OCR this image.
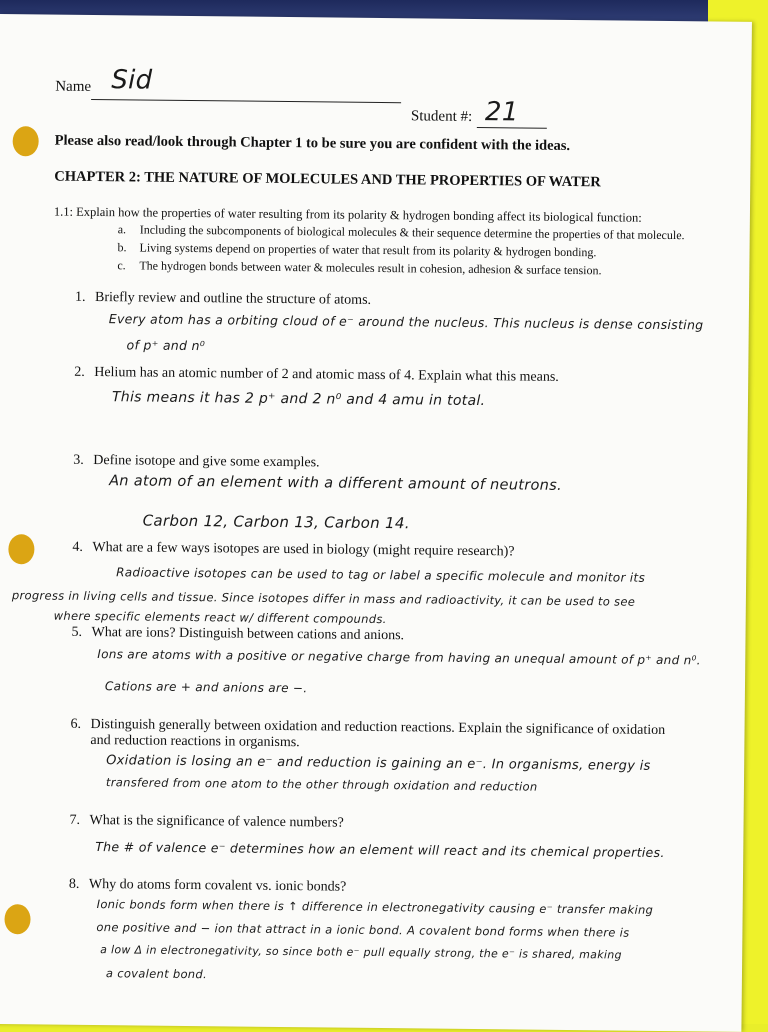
Name Sid
Student #: 21
Please also read/look through Chapter 1 to be sure you are confident with the ideas.
CHAPTER 2: THE NATURE OF MOLECULES AND THE PROPERTIES OF WATER
1.1: Explain how the properties of water resulting from its polarity & hydrogen bonding affect its biological function:
a. Including the subcomponents of biological molecules & their sequence determine the properties of that molecule.
b. Living systems depend on properties of water that result from its polarity & hydrogen bonding.
c. The hydrogen bonds between water & molecules result in cohesion, adhesion & surface tension.
1. Briefly review and outline the structure of atoms.
Every atom has a orbiting cloud of e⁻ around the nucleus. This nucleus is dense consisting
of p⁺ and n⁰
2. Helium has an atomic number of 2 and atomic mass of 4. Explain what this means.
This means it has 2 p⁺ and 2 n⁰ and 4 amu in total.
3. Define isotope and give some examples.
An atom of an element with a different amount of neutrons.
Carbon 12, Carbon 13, Carbon 14.
4. What are a few ways isotopes are used in biology (might require research)?
Radioactive isotopes can be used to tag or label a specific molecule and monitor its
progress in living cells and tissue. Since isotopes differ in mass and radioactivity, it can be used to see
where specific elements react w/ different compounds.
5. What are ions? Distinguish between cations and anions.
Ions are atoms with a positive or negative charge from having an unequal amount of p⁺ and n⁰.
Cations are + and anions are −.
6. Distinguish generally between oxidation and reduction reactions. Explain the significance of oxidation
and reduction reactions in organisms.
Oxidation is losing an e⁻ and reduction is gaining an e⁻. In organisms, energy is
transfered from one atom to the other through oxidation and reduction
7. What is the significance of valence numbers?
The # of valence e⁻ determines how an element will react and its chemical properties.
8. Why do atoms form covalent vs. ionic bonds?
Ionic bonds form when there is ↑ difference in electronegativity causing e⁻ transfer making
one positive and − ion that attract in a ionic bond. A covalent bond forms when there is
a low Δ in electronegativity, so since both e⁻ pull equally strong, the e⁻ is shared, making
a covalent bond.
